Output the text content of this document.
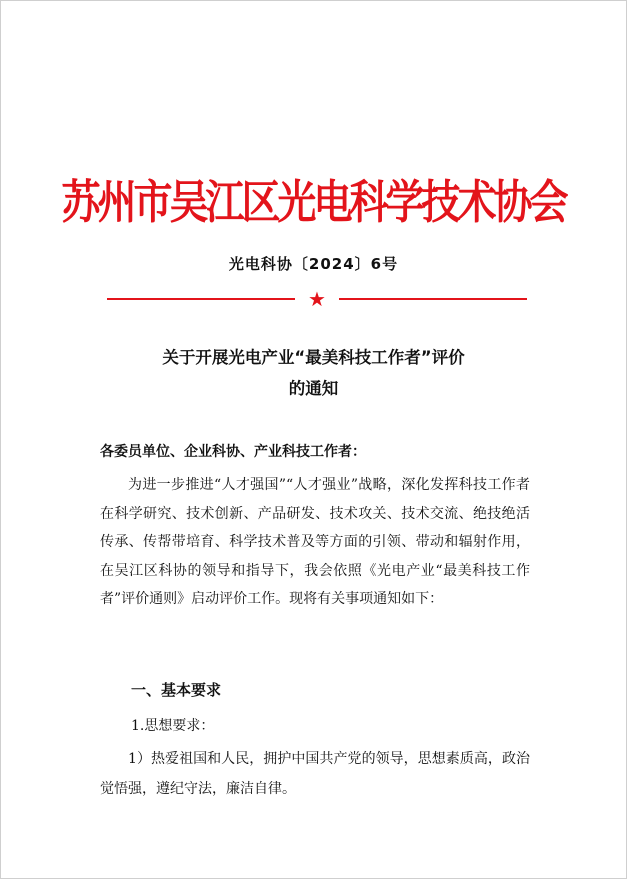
苏州市吴江区光电科学技术协会
光电科协〔2024〕6号
★
关于开展光电产业“最美科技工作者”评价
的通知
各委员单位、企业科协、产业科技工作者：

为进一步推进“人才强国”“人才强业”战略，深化发挥科技工作者在科学研究、技术创新、产品研发、技术攻关、技术交流、绝技绝活传承、传帮带培育、科学技术普及等方面的引领、带动和辐射作用，在吴江区科协的领导和指导下，我会依照《光电产业“最美科技工作者”评价通则》启动评价工作。现将有关事项通知如下：

一、基本要求
1.思想要求：

1）热爱祖国和人民，拥护中国共产党的领导，思想素质高，政治觉悟强，遵纪守法，廉洁自律。
